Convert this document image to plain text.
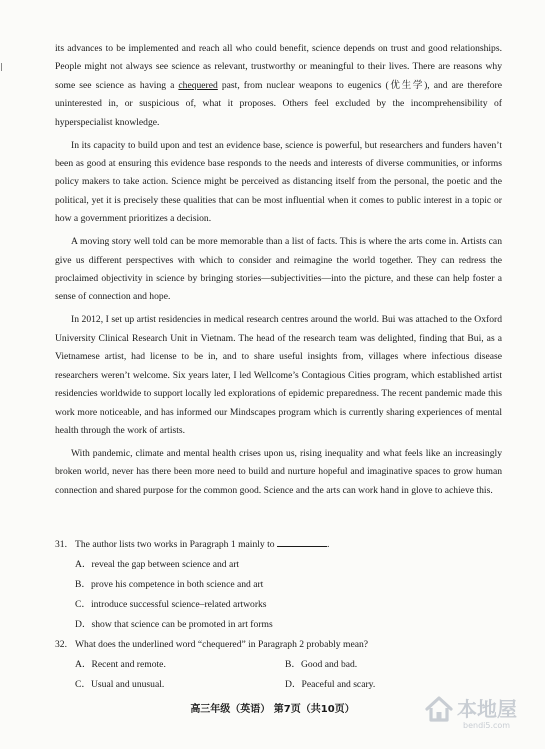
its advances to be implemented and reach all who could benefit, science depends on trust and good relationships. People might not always see science as relevant, trustworthy or meaningful to their lives. There are reasons why some see science as having a chequered past, from nuclear weapons to eugenics (优生学), and are therefore uninterested in, or suspicious of, what it proposes. Others feel excluded by the incomprehensibility of hyperspecialist knowledge.

In its capacity to build upon and test an evidence base, science is powerful, but researchers and funders haven’t been as good at ensuring this evidence base responds to the needs and interests of diverse communities, or informs policy makers to take action. Science might be perceived as distancing itself from the personal, the poetic and the political, yet it is precisely these qualities that can be most influential when it comes to public interest in a topic or how a government prioritizes a decision.

A moving story well told can be more memorable than a list of facts. This is where the arts come in. Artists can give us different perspectives with which to consider and reimagine the world together. They can redress the proclaimed objectivity in science by bringing stories—subjectivities—into the picture, and these can help foster a sense of connection and hope.

In 2012, I set up artist residencies in medical research centres around the world. Bui was attached to the Oxford University Clinical Research Unit in Vietnam. The head of the research team was delighted, finding that Bui, as a Vietnamese artist, had license to be in, and to share useful insights from, villages where infectious disease researchers weren’t welcome. Six years later, I led Wellcome’s Contagious Cities program, which established artist residencies worldwide to support locally led explorations of epidemic preparedness. The recent pandemic made this work more noticeable, and has informed our Mindscapes program which is currently sharing experiences of mental health through the work of artists.

With pandemic, climate and mental health crises upon us, rising inequality and what feels like an increasingly broken world, never has there been more need to build and nurture hopeful and imaginative spaces to grow human connection and shared purpose for the common good. Science and the arts can work hand in glove to achieve this.

31. The author lists two works in Paragraph 1 mainly to	.
A．reveal the gap between science and art
B．prove his competence in both science and art
C．introduce successful science–related artworks
D．show that science can be promoted in art forms
32. What does the underlined word “chequered” in Paragraph 2 probably mean?
A．Recent and remote.	B．Good and bad.
C．Usual and unusual.	D．Peaceful and scary.
高三年级（英语） 第7页（共10页）	本地屋
bendi5.com
